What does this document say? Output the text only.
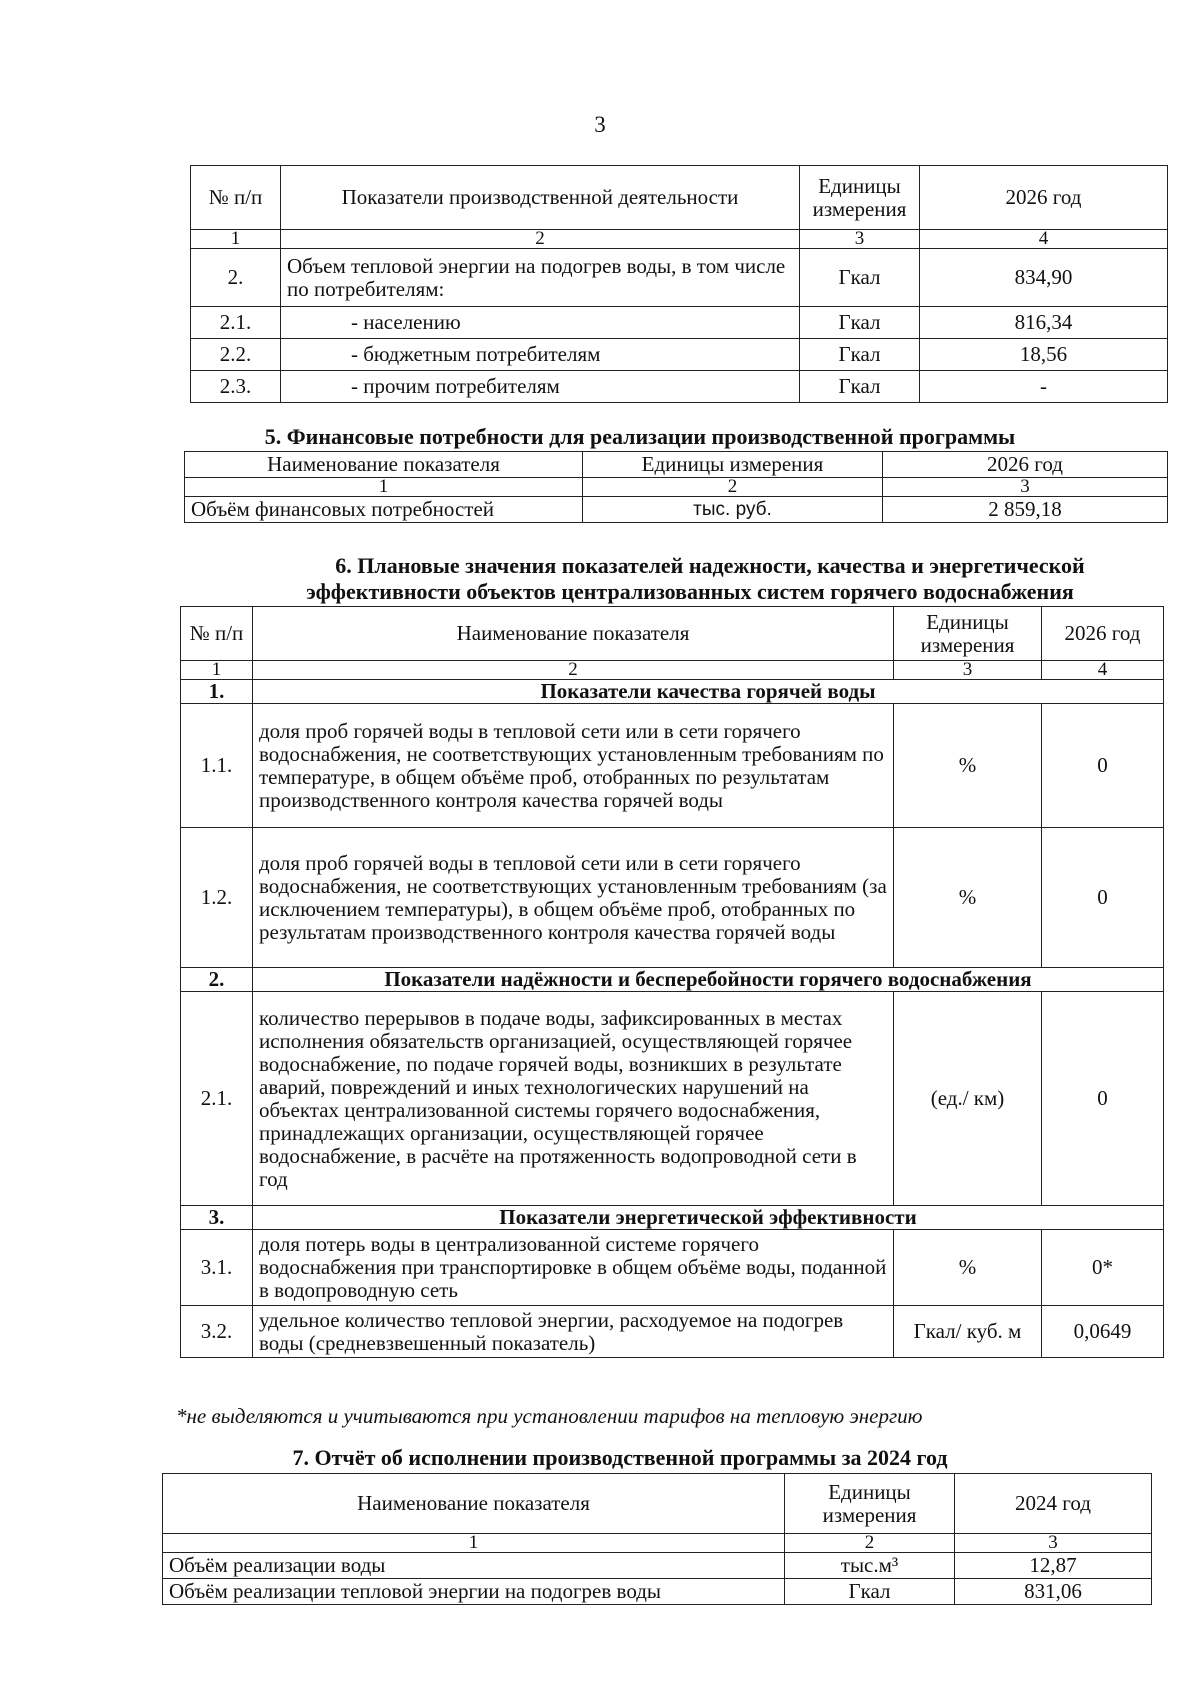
3
№ п/п	Показатели производственной деятельности	Единицы измерения	2026 год
1	2	3	4
2.	Объем тепловой энергии на подогрев воды, в том числе по потребителям:	Гкал	834,90
2.1.	- населению	Гкал	816,34
2.2.	- бюджетным потребителям	Гкал	18,56
2.3.	- прочим потребителям	Гкал	-
5. Финансовые потребности для реализации производственной программы
Наименование показателя	Единицы измерения	2026 год
1	2	3
Объём финансовых потребностей	тыс. руб.	2 859,18
6. Плановые значения показателей надежности, качества и энергетической
эффективности объектов централизованных систем горячего водоснабжения
№ п/п	Наименование показателя	Единицы измерения	2026 год
1	2	3	4
1.	Показатели качества горячей воды		
1.1.	доля проб горячей воды в тепловой сети или в сети горячего водоснабжения, не соответствующих установленным требованиям по температуре, в общем объёме проб, отобранных по результатам производственного контроля качества горячей воды	%	0
1.2.	доля проб горячей воды в тепловой сети или в сети горячего водоснабжения, не соответствующих установленным требованиям (за исключением температуры), в общем объёме проб, отобранных по результатам производственного контроля качества горячей воды	%	0
2.	Показатели надёжности и бесперебойности горячего водоснабжения		
2.1.	количество перерывов в подаче воды, зафиксированных в местах исполнения обязательств организацией, осуществляющей горячее водоснабжение, по подаче горячей воды, возникших в результате аварий, повреждений и иных технологических нарушений на объектах централизованной системы горячего водоснабжения, принадлежащих организации, осуществляющей горячее водоснабжение, в расчёте на протяженность водопроводной сети в год	(ед./ км)	0
3.	Показатели энергетической эффективности		
3.1.	доля потерь воды в централизованной системе горячего водоснабжения при транспортировке в общем объёме воды, поданной в водопроводную сеть	%	0*
3.2.	удельное количество тепловой энергии, расходуемое на подогрев воды (средневзвешенный показатель)	Гкал/ куб. м	0,0649
*не выделяются и учитываются при установлении тарифов на тепловую энергию
7. Отчёт об исполнении производственной программы за 2024 год
Наименование показателя	Единицы измерения	2024 год
1	2	3
Объём реализации воды	тыс.м³	12,87
Объём реализации тепловой энергии на подогрев воды	Гкал	831,06
